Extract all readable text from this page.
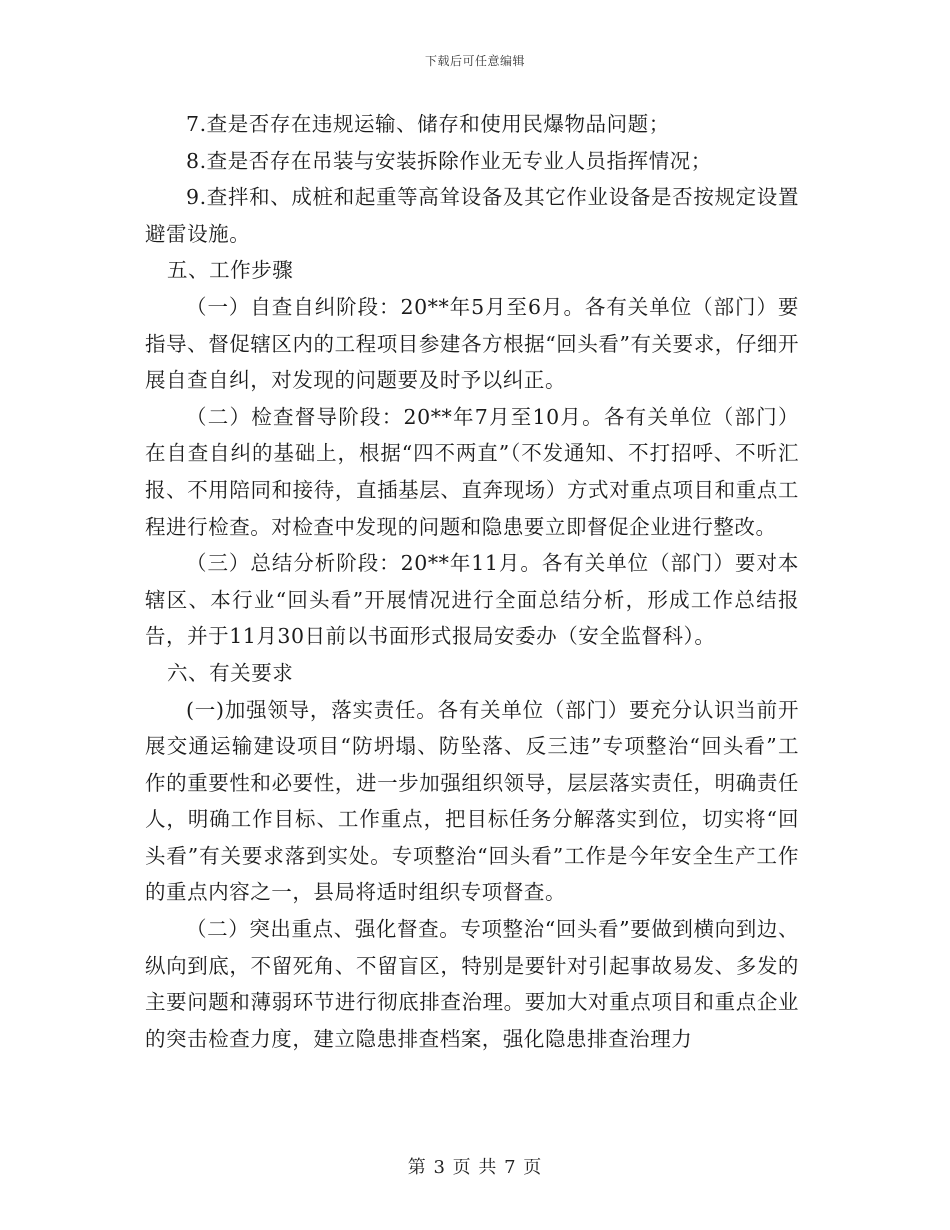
下载后可任意编辑

7.查是否存在违规运输、储存和使用民爆物品问题；

8.查是否存在吊装与安装拆除作业无专业人员指挥情况；

9.查拌和、成桩和起重等高耸设备及其它作业设备是否按规定设置避雷设施。

五、工作步骤

（一）自查自纠阶段：20**年5月至6月。各有关单位（部门）要指导、督促辖区内的工程项目参建各方根据“回头看”有关要求，仔细开展自查自纠，对发现的问题要及时予以纠正。

（二）检查督导阶段：20**年7月至10月。各有关单位（部门）在自查自纠的基础上，根据“四不两直”（不发通知、不打招呼、不听汇报、不用陪同和接待，直插基层、直奔现场）方式对重点项目和重点工程进行检查。对检查中发现的问题和隐患要立即督促企业进行整改。

（三）总结分析阶段：20**年11月。各有关单位（部门）要对本辖区、本行业“回头看”开展情况进行全面总结分析，形成工作总结报告，并于11月30日前以书面形式报局安委办（安全监督科）。

六、有关要求

(一)加强领导，落实责任。各有关单位（部门）要充分认识当前开展交通运输建设项目“防坍塌、防坠落、反三违”专项整治“回头看”工作的重要性和必要性，进一步加强组织领导，层层落实责任，明确责任人，明确工作目标、工作重点，把目标任务分解落实到位，切实将“回头看”有关要求落到实处。专项整治“回头看”工作是今年安全生产工作的重点内容之一，县局将适时组织专项督查。

（二）突出重点、强化督查。专项整治“回头看”要做到横向到边、纵向到底，不留死角、不留盲区，特别是要针对引起事故易发、多发的主要问题和薄弱环节进行彻底排查治理。要加大对重点项目和重点企业的突击检查力度，建立隐患排查档案，强化隐患排查治理力

第 3 页 共 7 页
